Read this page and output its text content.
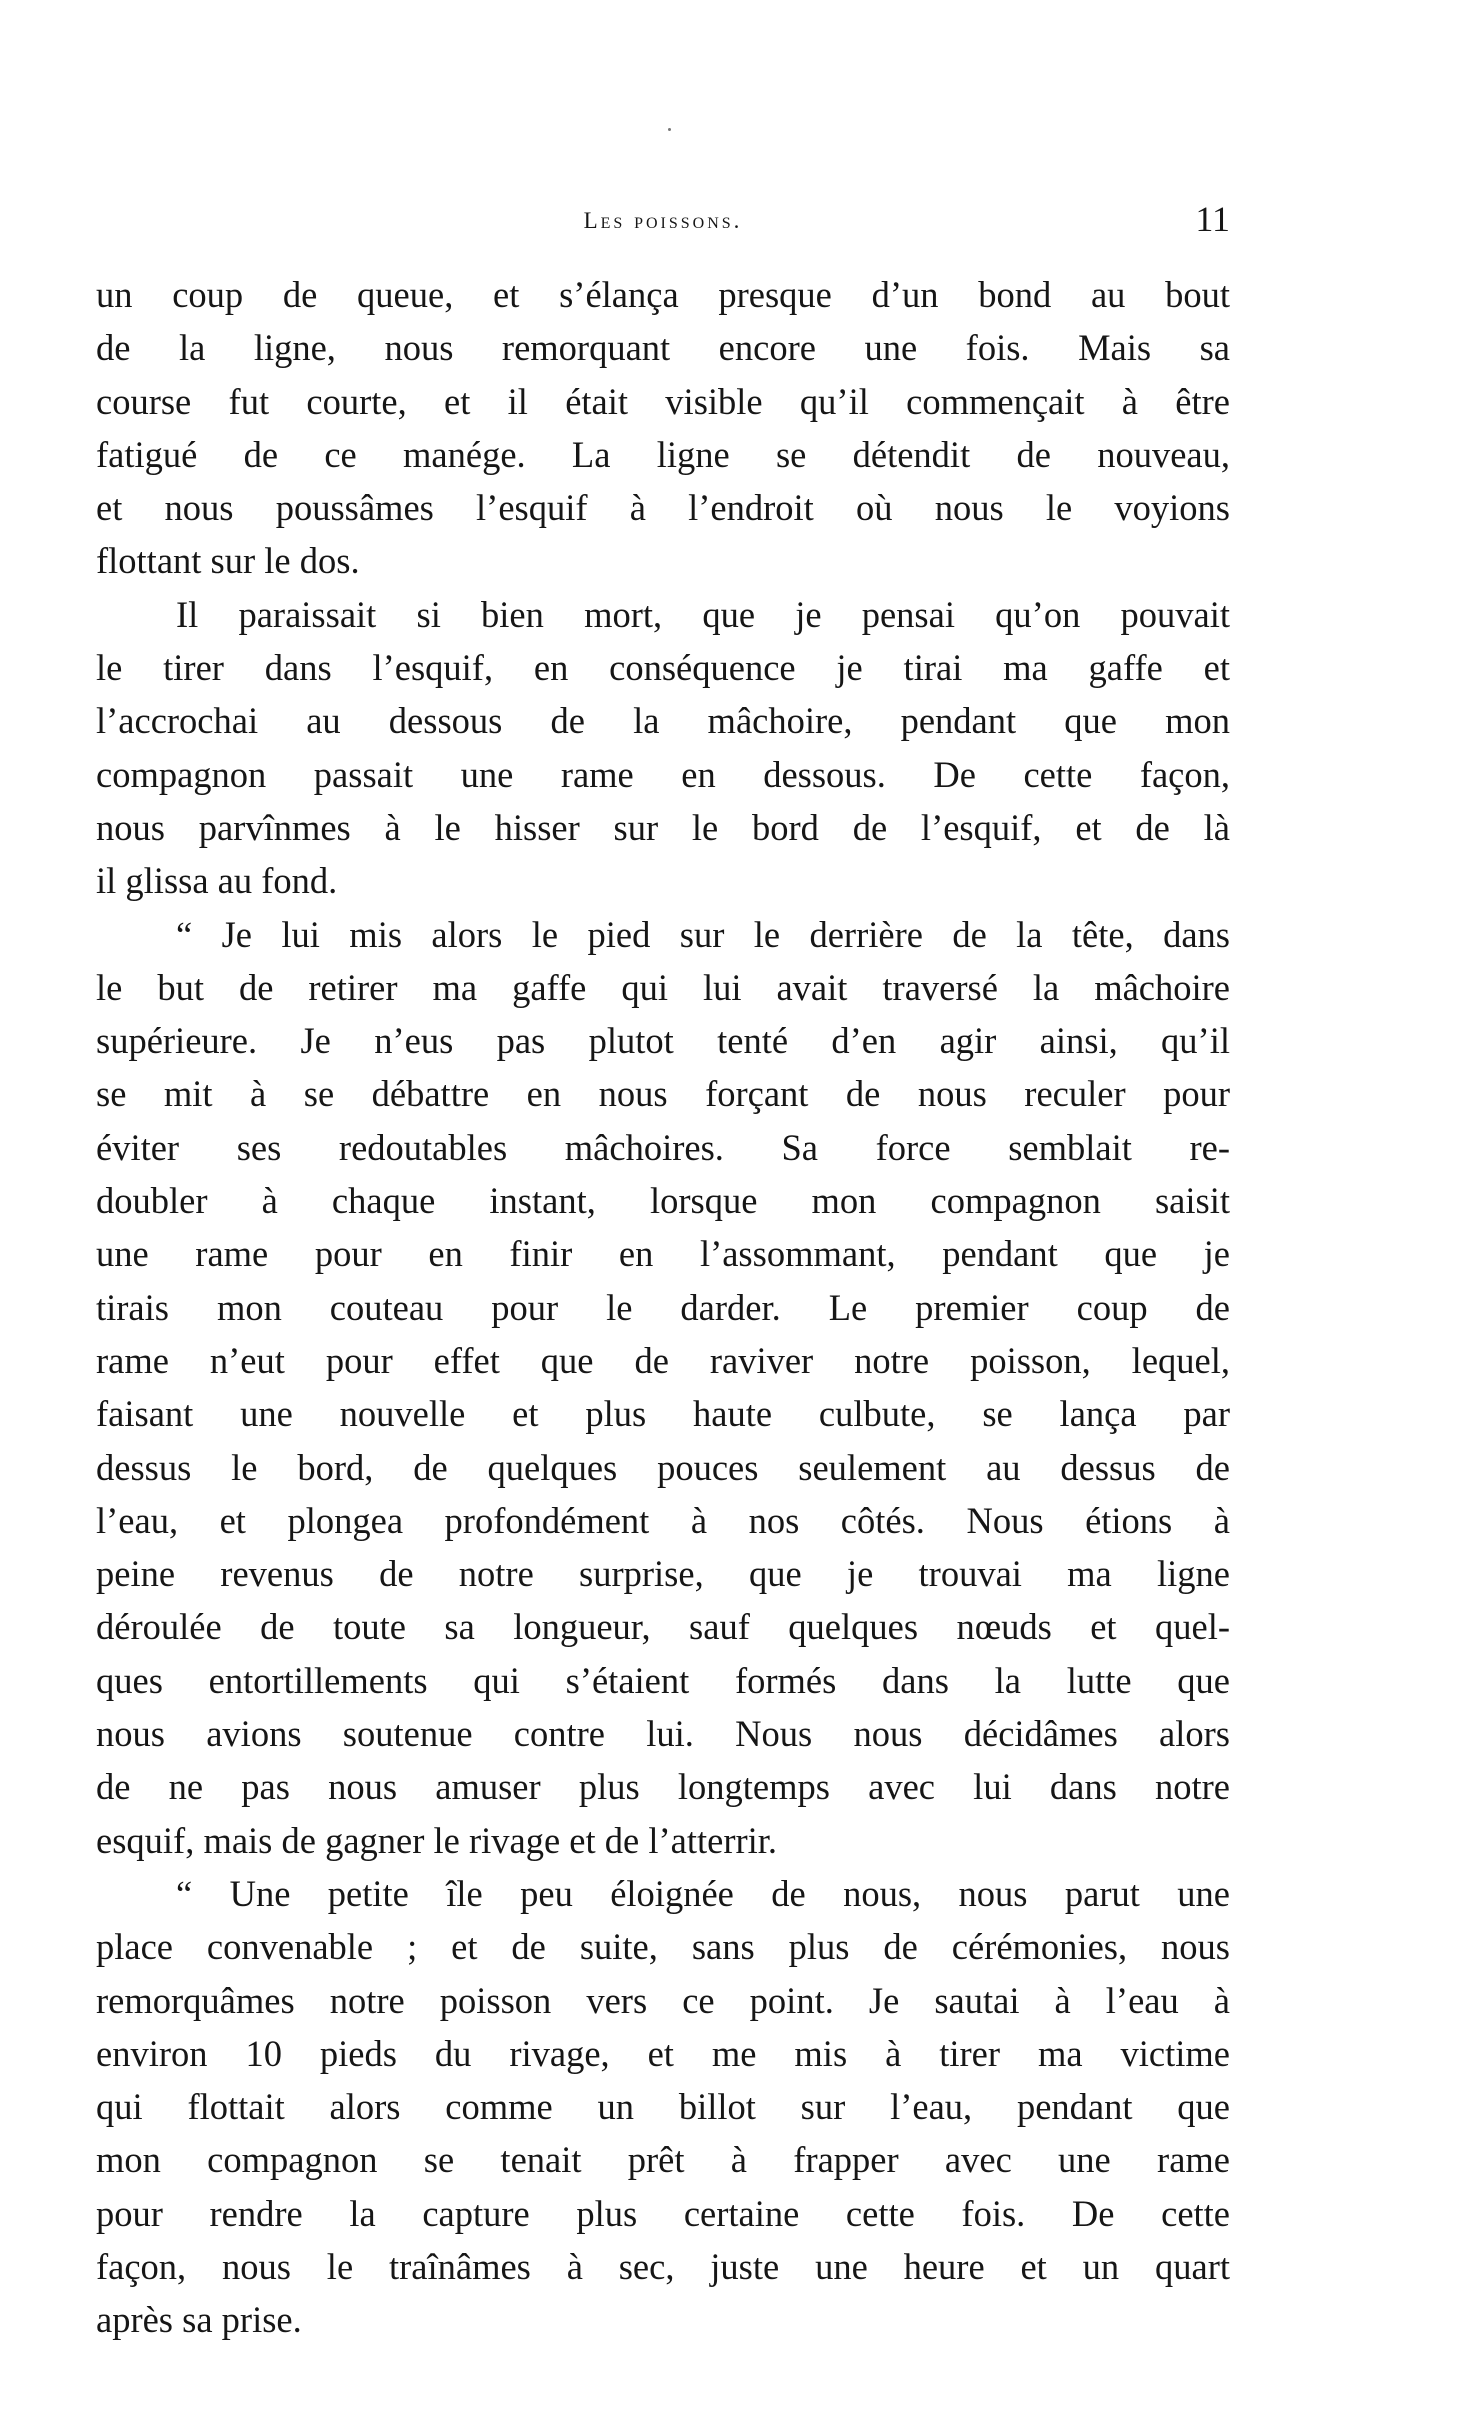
Les poissons.	11
un coup de queue, et s’élança presque d’un bond au bout
de la ligne, nous remorquant encore une fois. Mais sa
course fut courte, et il était visible qu’il commençait à être
fatigué de ce manége. La ligne se détendit de nouveau,
et nous poussâmes l’esquif à l’endroit où nous le voyions
flottant sur le dos.
Il paraissait si bien mort, que je pensai qu’on pouvait
le tirer dans l’esquif, en conséquence je tirai ma gaffe et
l’accrochai au dessous de la mâchoire, pendant que mon
compagnon passait une rame en dessous. De cette façon,
nous parvînmes à le hisser sur le bord de l’esquif, et de là
il glissa au fond.
“ Je lui mis alors le pied sur le derrière de la tête, dans
le but de retirer ma gaffe qui lui avait traversé la mâchoire
supérieure. Je n’eus pas plutot tenté d’en agir ainsi, qu’il
se mit à se débattre en nous forçant de nous reculer pour
éviter ses redoutables mâchoires. Sa force semblait re-
doubler à chaque instant, lorsque mon compagnon saisit
une rame pour en finir en l’assommant, pendant que je
tirais mon couteau pour le darder. Le premier coup de
rame n’eut pour effet que de raviver notre poisson, lequel,
faisant une nouvelle et plus haute culbute, se lança par
dessus le bord, de quelques pouces seulement au dessus de
l’eau, et plongea profondément à nos côtés. Nous étions à
peine revenus de notre surprise, que je trouvai ma ligne
déroulée de toute sa longueur, sauf quelques nœuds et quel-
ques entortillements qui s’étaient formés dans la lutte que
nous avions soutenue contre lui. Nous nous décidâmes alors
de ne pas nous amuser plus longtemps avec lui dans notre
esquif, mais de gagner le rivage et de l’atterrir.
“ Une petite île peu éloignée de nous, nous parut une
place convenable ; et de suite, sans plus de cérémonies, nous
remorquâmes notre poisson vers ce point. Je sautai à l’eau à
environ 10 pieds du rivage, et me mis à tirer ma victime
qui flottait alors comme un billot sur l’eau, pendant que
mon compagnon se tenait prêt à frapper avec une rame
pour rendre la capture plus certaine cette fois. De cette
façon, nous le traînâmes à sec, juste une heure et un quart
après sa prise.
